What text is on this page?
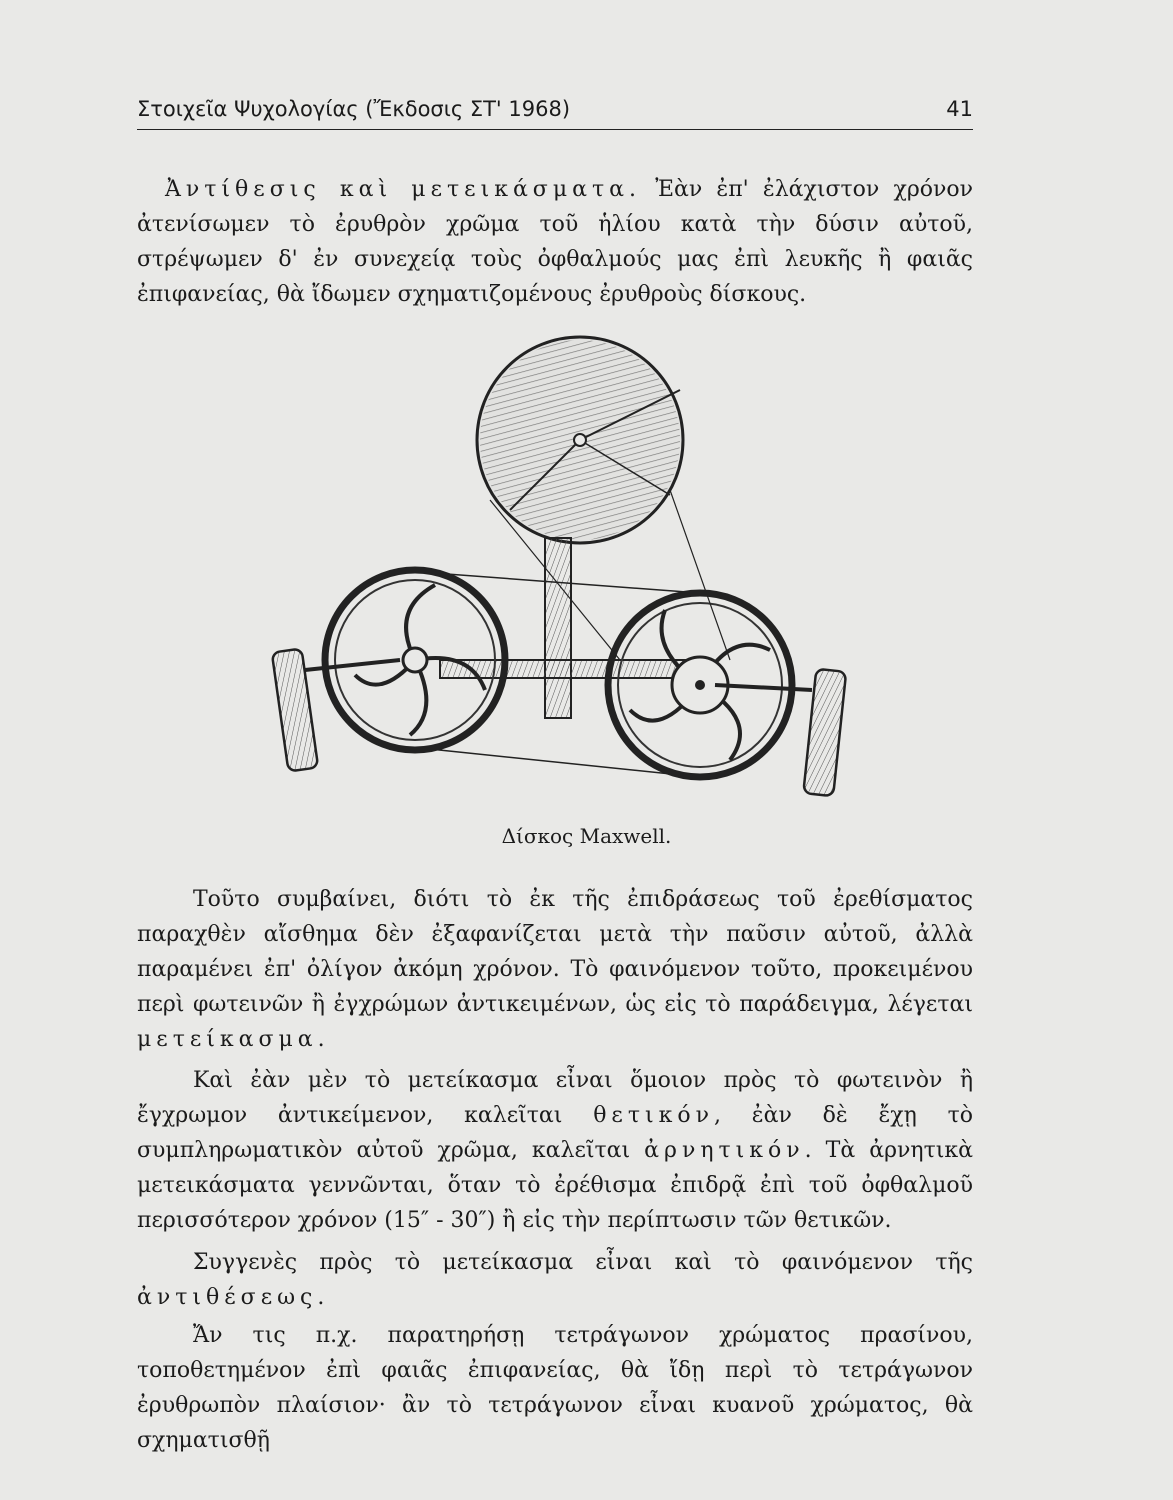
Στοιχεῖα Ψυχολογίας (Ἔκδοσις ΣΤ' 1968)	41

Ἀντίθεσις καὶ μετεικάσματα. Ἐὰν ἐπ' ἐλάχιστον χρόνον ἀτενίσωμεν τὸ ἐρυθρὸν χρῶμα τοῦ ἡλίου κατὰ τὴν δύσιν αὐτοῦ, στρέψωμεν δ' ἐν συνεχείᾳ τοὺς ὀφθαλμούς μας ἐπὶ λευκῆς ἢ φαιᾶς ἐπιφανείας, θὰ ἴδωμεν σχηματιζομένους ἐρυθροὺς δίσκους.

Δίσκος Maxwell.

Τοῦτο συμβαίνει, διότι τὸ ἐκ τῆς ἐπιδράσεως τοῦ ἐρεθίσματος παραχθὲν αἴσθημα δὲν ἐξαφανίζεται μετὰ τὴν παῦσιν αὐτοῦ, ἀλλὰ παραμένει ἐπ' ὀλίγον ἀκόμη χρόνον. Τὸ φαινόμενον τοῦτο, προκειμένου περὶ φωτεινῶν ἢ ἐγχρώμων ἀντικειμένων, ὡς εἰς τὸ παράδειγμα, λέγεται μετείκασμα.

Καὶ ἐὰν μὲν τὸ μετείκασμα εἶναι ὅμοιον πρὸς τὸ φωτεινὸν ἢ ἔγχρωμον ἀντικείμενον, καλεῖται θετικόν, ἐὰν δὲ ἔχῃ τὸ συμπληρωματικὸν αὐτοῦ χρῶμα, καλεῖται ἀρνητικόν. Τὰ ἀρνητικὰ μετεικάσματα γεννῶνται, ὅταν τὸ ἐρέθισμα ἐπιδρᾷ ἐπὶ τοῦ ὀφθαλμοῦ περισσότερον χρόνον (15″ - 30″) ἢ εἰς τὴν περίπτωσιν τῶν θετικῶν.

Συγγενὲς πρὸς τὸ μετείκασμα εἶναι καὶ τὸ φαινόμενον τῆς ἀντιθέσεως.

Ἄν τις π.χ. παρατηρήσῃ τετράγωνον χρώματος πρασίνου, τοποθετημένον ἐπὶ φαιᾶς ἐπιφανείας, θὰ ἴδῃ περὶ τὸ τετράγωνον ἐρυθρωπὸν πλαίσιον· ἂν τὸ τετράγωνον εἶναι κυανοῦ χρώματος, θὰ σχηματισθῇ
